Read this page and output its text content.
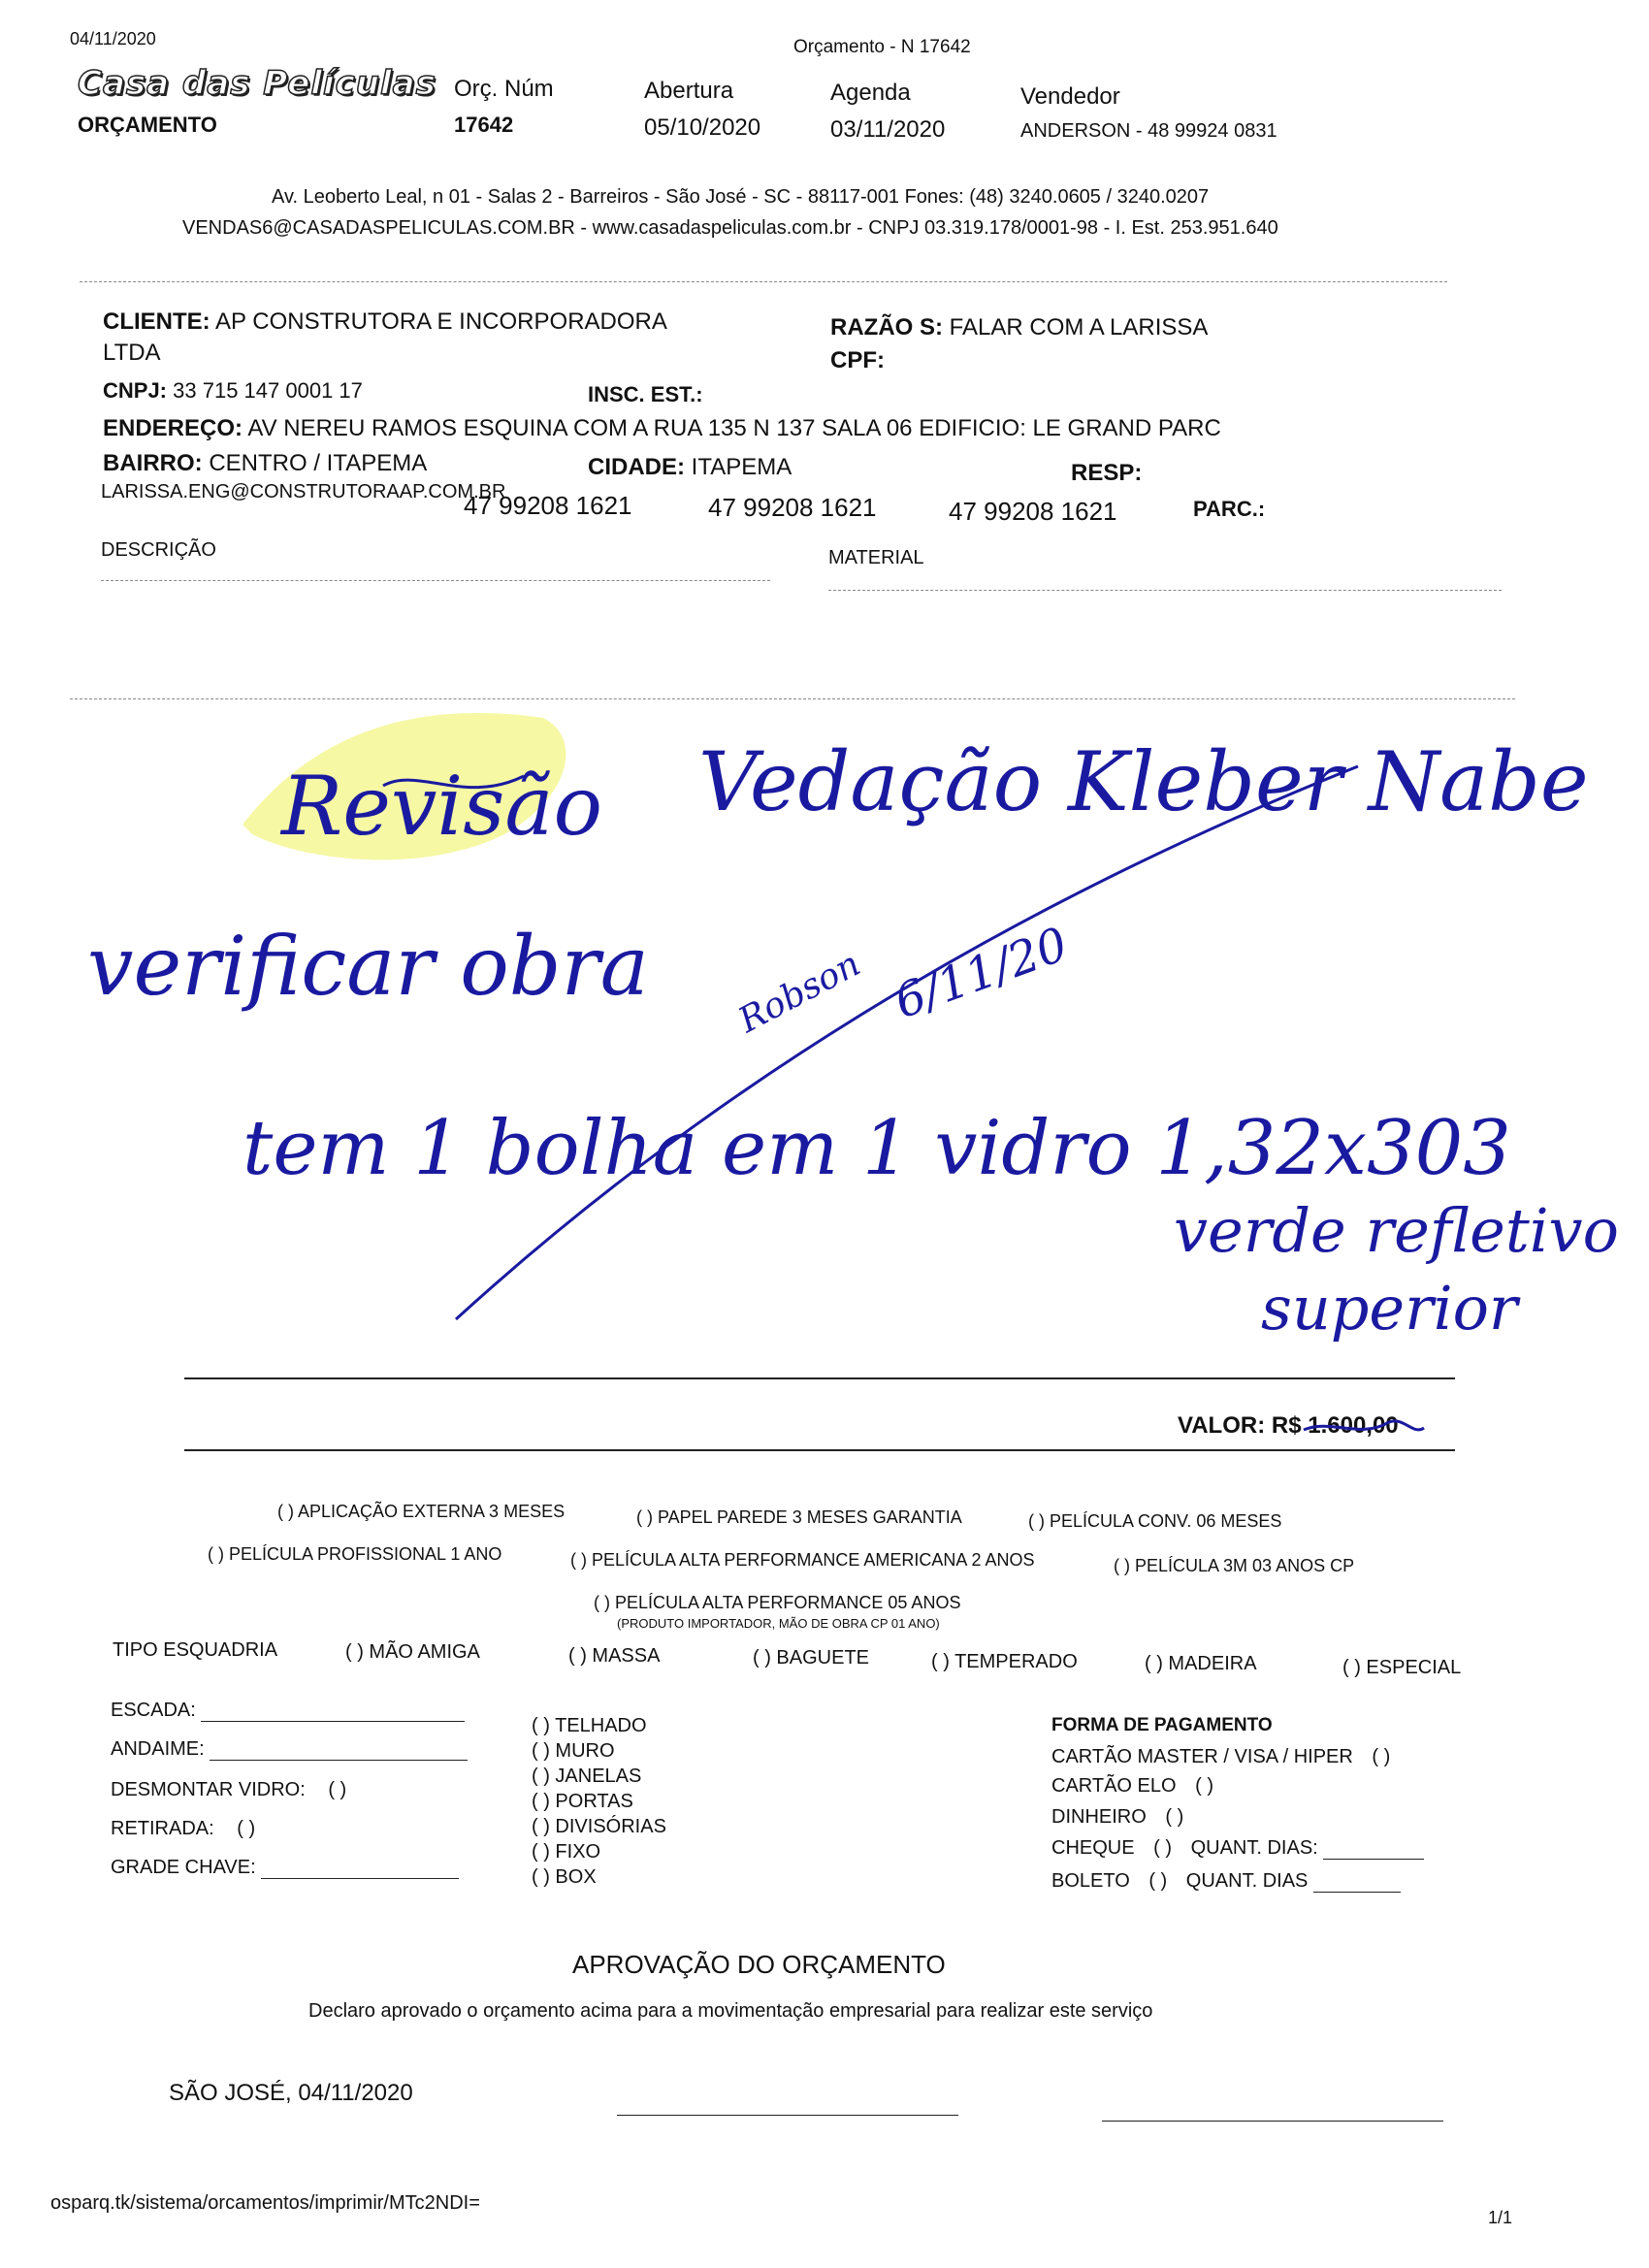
04/11/2020	Orçamento - N 17642
Casa das Películas
ORÇAMENTO
Orç. Núm
17642
Abertura
05/10/2020
Agenda
03/11/2020
Vendedor
ANDERSON - 48 99924 0831
Av. Leoberto Leal, n 01 - Salas 2 - Barreiros - São José - SC - 88117-001 Fones: (48) 3240.0605 / 3240.0207
VENDAS6@CASADASPELICULAS.COM.BR - www.casadaspeliculas.com.br - CNPJ 03.319.178/0001-98 - I. Est. 253.951.640
CLIENTE: AP CONSTRUTORA E INCORPORADORA
LTDA
RAZÃO S: FALAR COM A LARISSA
CPF:
CNPJ: 33 715 147 0001 17	INSC. EST.:
ENDEREÇO: AV NEREU RAMOS ESQUINA COM A RUA 135 N 137 SALA 06 EDIFICIO: LE GRAND PARC
BAIRRO: CENTRO / ITAPEMA	CIDADE: ITAPEMA	RESP:
LARISSA.ENG@CONSTRUTORAAP.COM.BR
47 99208 1621	47 99208 1621	47 99208 1621	PARC.:
DESCRIÇÃO	MATERIAL
Revisão Vedação Kleber Nabe
verificar obra Robson 6/11/20
tem 1 bolha em 1 vidro 1,32x303
verde refletivo
superior
VALOR: R$ 1.600,00
( ) APLICAÇÃO EXTERNA 3 MESES	( ) PAPEL PAREDE 3 MESES GARANTIA	( ) PELÍCULA CONV. 06 MESES
( ) PELÍCULA PROFISSIONAL 1 ANO	( ) PELÍCULA ALTA PERFORMANCE AMERICANA 2 ANOS	( ) PELÍCULA 3M 03 ANOS CP
( ) PELÍCULA ALTA PERFORMANCE 05 ANOS
(PRODUTO IMPORTADOR, MÃO DE OBRA CP 01 ANO)
TIPO ESQUADRIA	( ) MÃO AMIGA	( ) MASSA	( ) BAGUETE	( ) TEMPERADO	( ) MADEIRA	( ) ESPECIAL
ESCADA:
ANDAIME:
DESMONTAR VIDRO: ( )
RETIRADA: ( )
GRADE CHAVE:
( ) TELHADO
( ) MURO
( ) JANELAS
( ) PORTAS
( ) DIVISÓRIAS
( ) FIXO
( ) BOX
FORMA DE PAGAMENTO
CARTÃO MASTER / VISA / HIPER ( )
CARTÃO ELO ( )
DINHEIRO ( )
CHEQUE ( ) QUANT. DIAS:
BOLETO ( ) QUANT. DIAS
APROVAÇÃO DO ORÇAMENTO
Declaro aprovado o orçamento acima para a movimentação empresarial para realizar este serviço
SÃO JOSÉ, 04/11/2020
osparq.tk/sistema/orcamentos/imprimir/MTc2NDI=
1/1
